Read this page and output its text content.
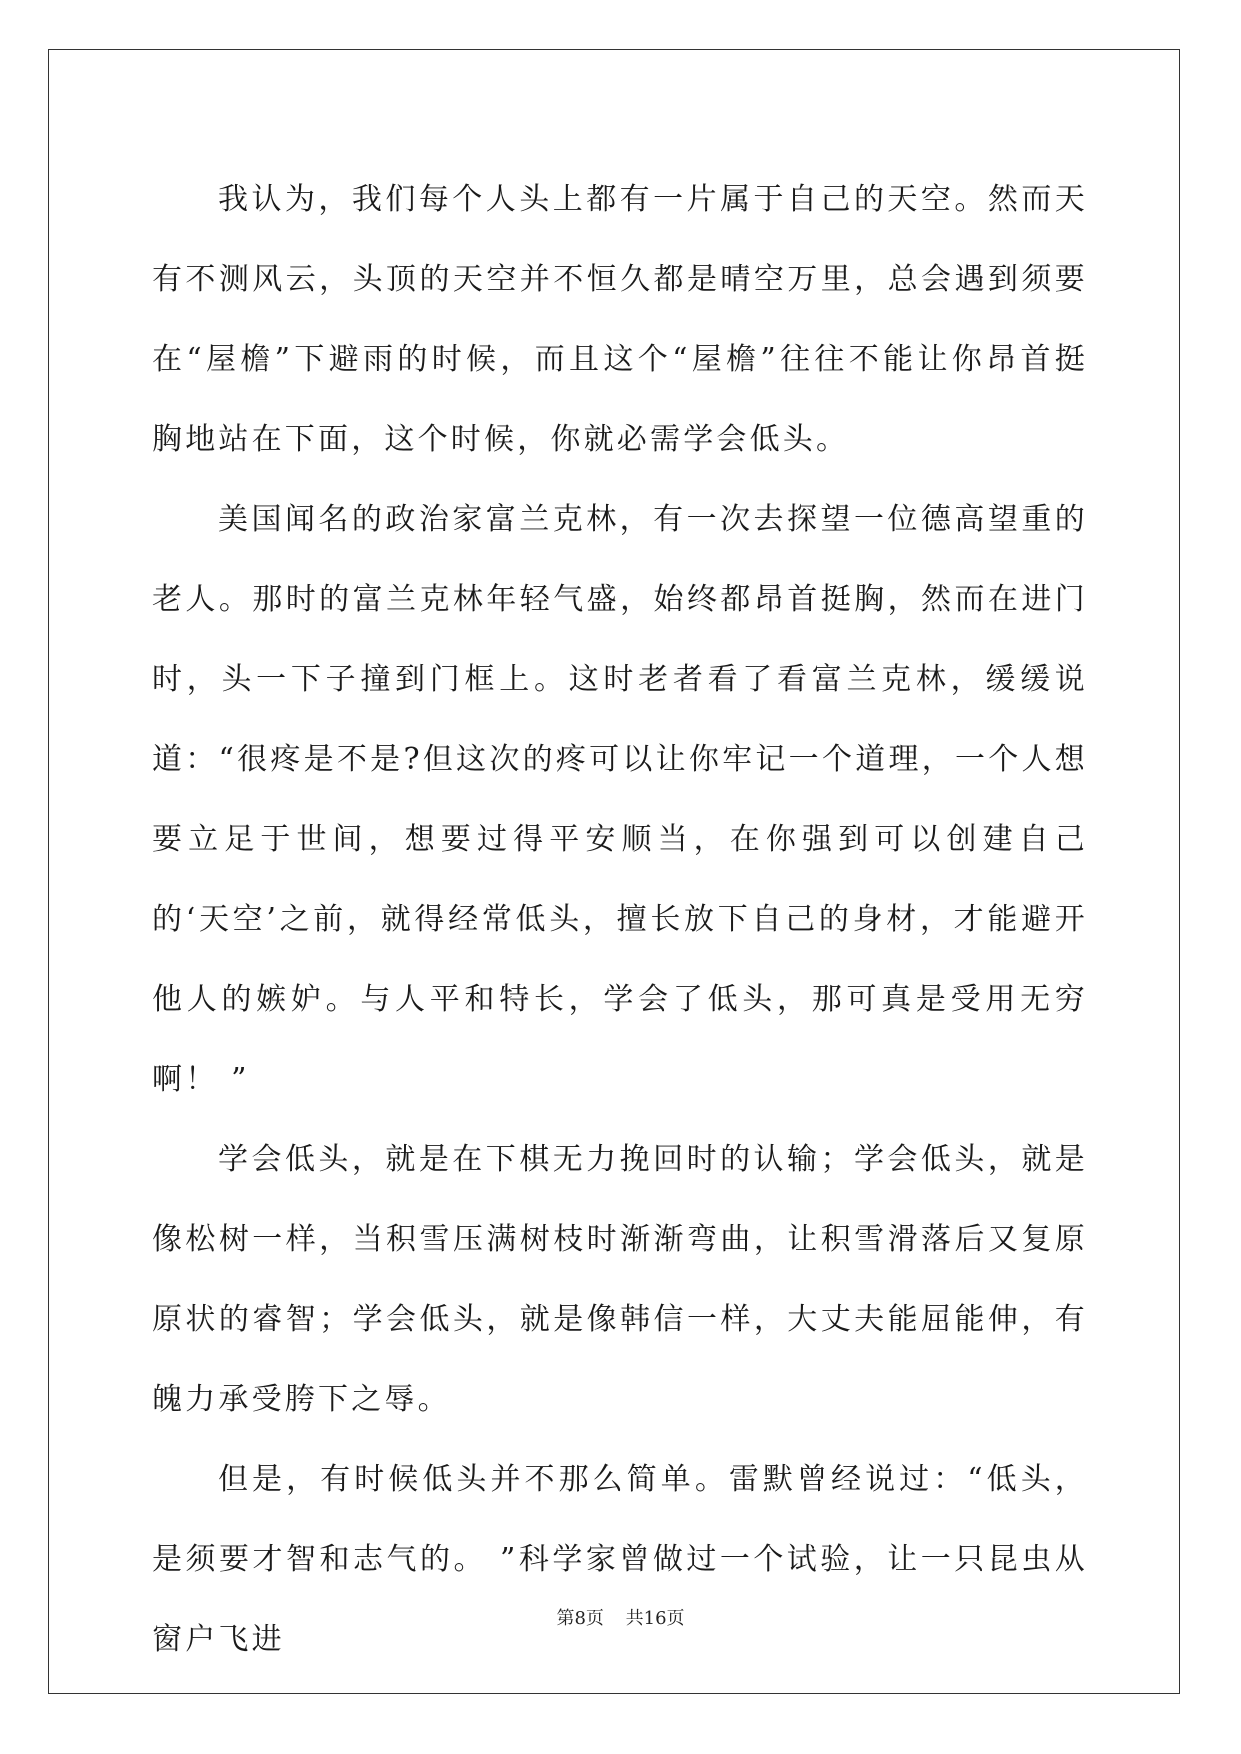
我认为，我们每个人头上都有一片属于自己的天空。然而天有不测风云，头顶的天空并不恒久都是晴空万里，总会遇到须要在“屋檐”下避雨的时候，而且这个“屋檐”往往不能让你昂首挺胸地站在下面，这个时候，你就必需学会低头。

美国闻名的政治家富兰克林，有一次去探望一位德高望重的老人。那时的富兰克林年轻气盛，始终都昂首挺胸，然而在进门时，头一下子撞到门框上。这时老者看了看富兰克林，缓缓说道：“很疼是不是?但这次的疼可以让你牢记一个道理，一个人想要立足于世间，想要过得平安顺当，在你强到可以创建自己的‘天空’之前，就得经常低头，擅长放下自己的身材，才能避开他人的嫉妒。与人平和特长，学会了低头，那可真是受用无穷啊！ ”

学会低头，就是在下棋无力挽回时的认输；学会低头，就是像松树一样，当积雪压满树枝时渐渐弯曲，让积雪滑落后又复原原状的睿智；学会低头，就是像韩信一样，大丈夫能屈能伸，有魄力承受胯下之辱。

但是，有时候低头并不那么简单。雷默曾经说过：“低头，是须要才智和志气的。 ”科学家曾做过一个试验，让一只昆虫从窗户飞进

第8页 共16页
